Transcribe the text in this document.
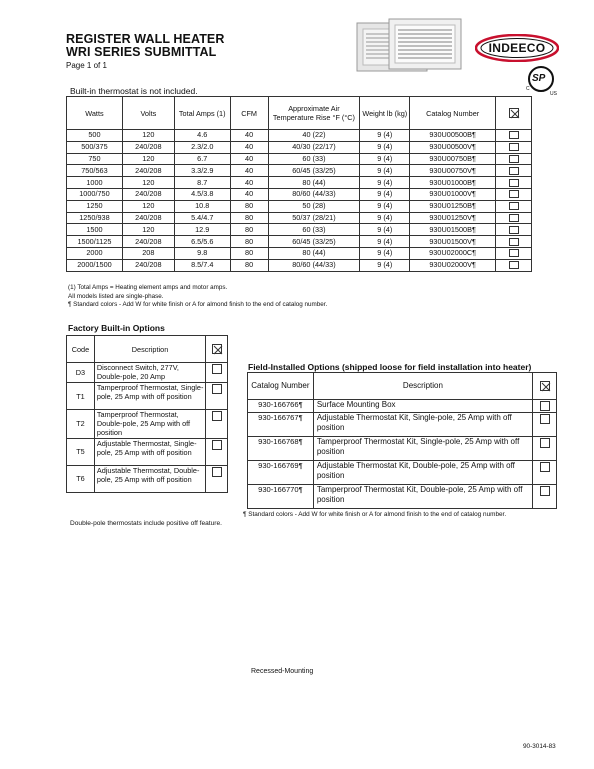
REGISTER WALL HEATER
WRI SERIES SUBMITTAL
Page 1 of 1
INDEECO
SP
C
US
Built-in thermostat is not included.
Watts	Volts	Total Amps (1)	CFM	Approximate Air Temperature Rise °F (°C)	Weight lb (kg)	Catalog Number	

500	120	4.6	40	40 (22)	9 (4)	930U00500B¶	
500/375	240/208	2.3/2.0	40	40/30 (22/17)	9 (4)	930U00500V¶	
750	120	6.7	40	60 (33)	9 (4)	930U00750B¶	
750/563	240/208	3.3/2.9	40	60/45 (33/25)	9 (4)	930U00750V¶	
1000	120	8.7	40	80 (44)	9 (4)	930U01000B¶	
1000/750	240/208	4.5/3.8	40	80/60 (44/33)	9 (4)	930U01000V¶	
1250	120	10.8	80	50 (28)	9 (4)	930U01250B¶	
1250/938	240/208	5.4/4.7	80	50/37 (28/21)	9 (4)	930U01250V¶	
1500	120	12.9	80	60 (33)	9 (4)	930U01500B¶	
1500/1125	240/208	6.5/5.6	80	60/45 (33/25)	9 (4)	930U01500V¶	
2000	208	9.8	80	80 (44)	9 (4)	930U02000C¶	
2000/1500	240/208	8.5/7.4	80	80/60 (44/33)	9 (4)	930U02000V¶	
(1) Total Amps = Heating element amps and motor amps.
All models listed are single-phase.
¶ Standard colors - Add W for white finish or A for almond finish to the end of catalog number.
Factory Built-in Options
Code	Description	

D3	Disconnect Switch, 277V, Double-pole, 20 Amp	
T1	Tamperproof Thermostat, Single-pole, 25 Amp with off position	
T2	Tamperproof Thermostat, Double-pole, 25 Amp with off position	
T5	Adjustable Thermostat, Single-pole, 25 Amp with off position	
T6	Adjustable Thermostat, Double-pole, 25 Amp with off position	
Double-pole thermostats include positive off feature.
Field-Installed Options (shipped loose for field installation into heater)
Catalog Number	Description	

930-166766¶	Surface Mounting Box	
930-166767¶	Adjustable Thermostat Kit, Single-pole, 25 Amp with off position	
930-166768¶	Tamperproof Thermostat Kit, Single-pole, 25 Amp with off position	
930-166769¶	Adjustable Thermostat Kit, Double-pole, 25 Amp with off position	
930-166770¶	Tamperproof Thermostat Kit, Double-pole, 25 Amp with off position	
¶ Standard colors - Add W for white finish or A for almond finish to the end of catalog number.
Recessed-Mounting
90-3014-83
